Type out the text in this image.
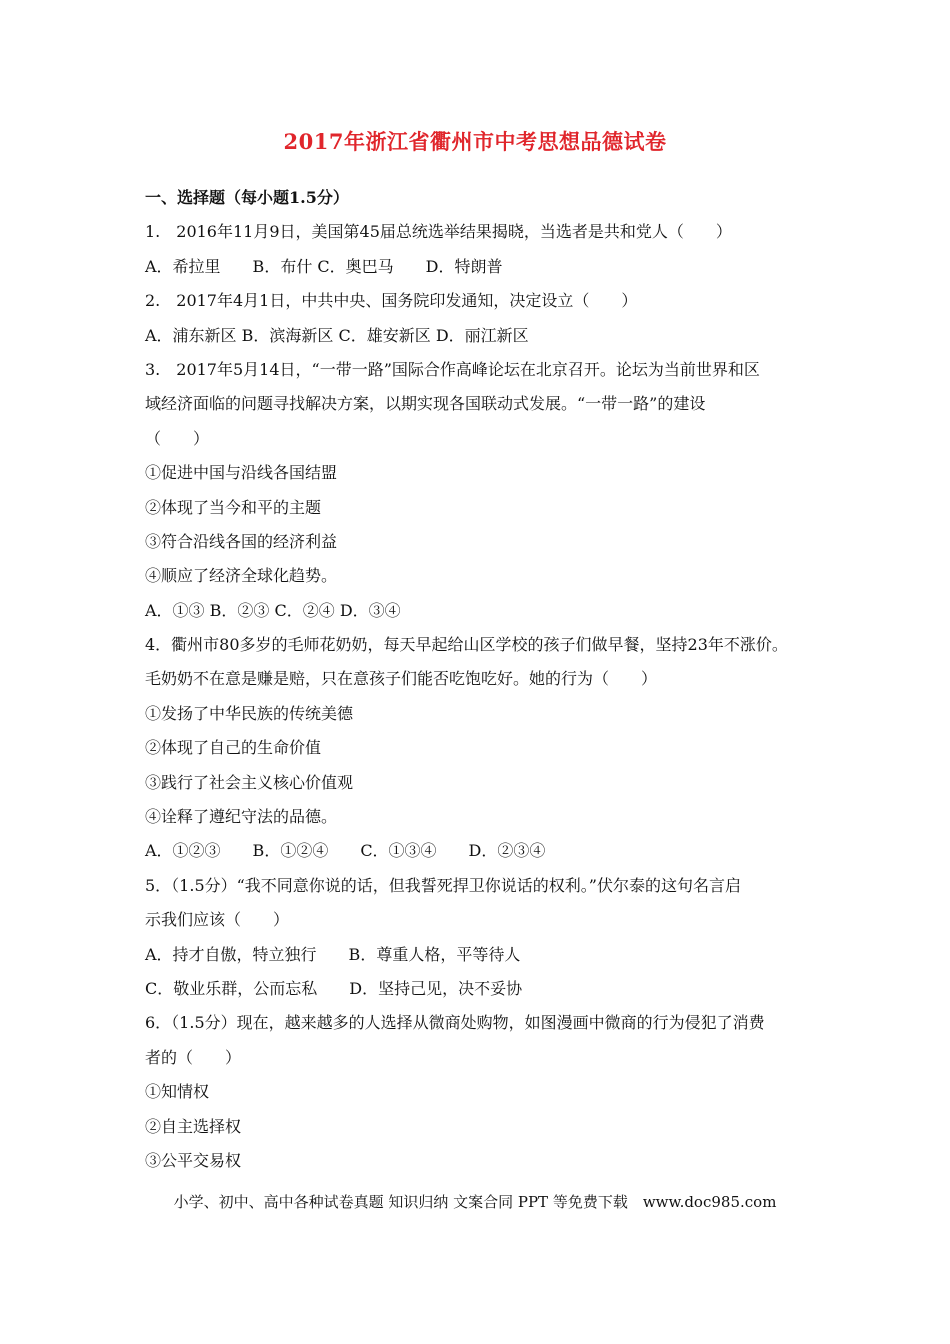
2017年浙江省衢州市中考思想品德试卷
一、选择题（每小题1.5分）
1.　2016年11月9日，美国第45届总统选举结果揭晓，当选者是共和党人（　　）
A．希拉里　　B．布什 C．奥巴马　　D．特朗普
2.　2017年4月1日，中共中央、国务院印发通知，决定设立（　　）
A．浦东新区 B．滨海新区 C．雄安新区 D．丽江新区
3.　2017年5月14日，“一带一路”国际合作高峰论坛在北京召开。论坛为当前世界和区
域经济面临的问题寻找解决方案，以期实现各国联动式发展。“一带一路”的建设
（　　）
①促进中国与沿线各国结盟
②体现了当今和平的主题
③符合沿线各国的经济利益
④顺应了经济全球化趋势。
A．①③ B．②③ C．②④ D．③④
4．衢州市80多岁的毛师花奶奶，每天早起给山区学校的孩子们做早餐，坚持23年不涨价。
毛奶奶不在意是赚是赔，只在意孩子们能否吃饱吃好。她的行为（　　）
①发扬了中华民族的传统美德
②体现了自己的生命价值
③践行了社会主义核心价值观
④诠释了遵纪守法的品德。
A．①②③　　B．①②④　　C．①③④　　D．②③④
5．（1.5分）“我不同意你说的话，但我誓死捍卫你说话的权利。”伏尔泰的这句名言启
示我们应该（　　）
A．持才自傲，特立独行　　B．尊重人格，平等待人
C．敬业乐群，公而忘私　　D．坚持己见，决不妥协
6．（1.5分）现在，越来越多的人选择从微商处购物，如图漫画中微商的行为侵犯了消费
者的（　　）
①知情权
②自主选择权
③公平交易权
小学、初中、高中各种试卷真题 知识归纳 文案合同 PPT 等免费下载　www.doc985.com
